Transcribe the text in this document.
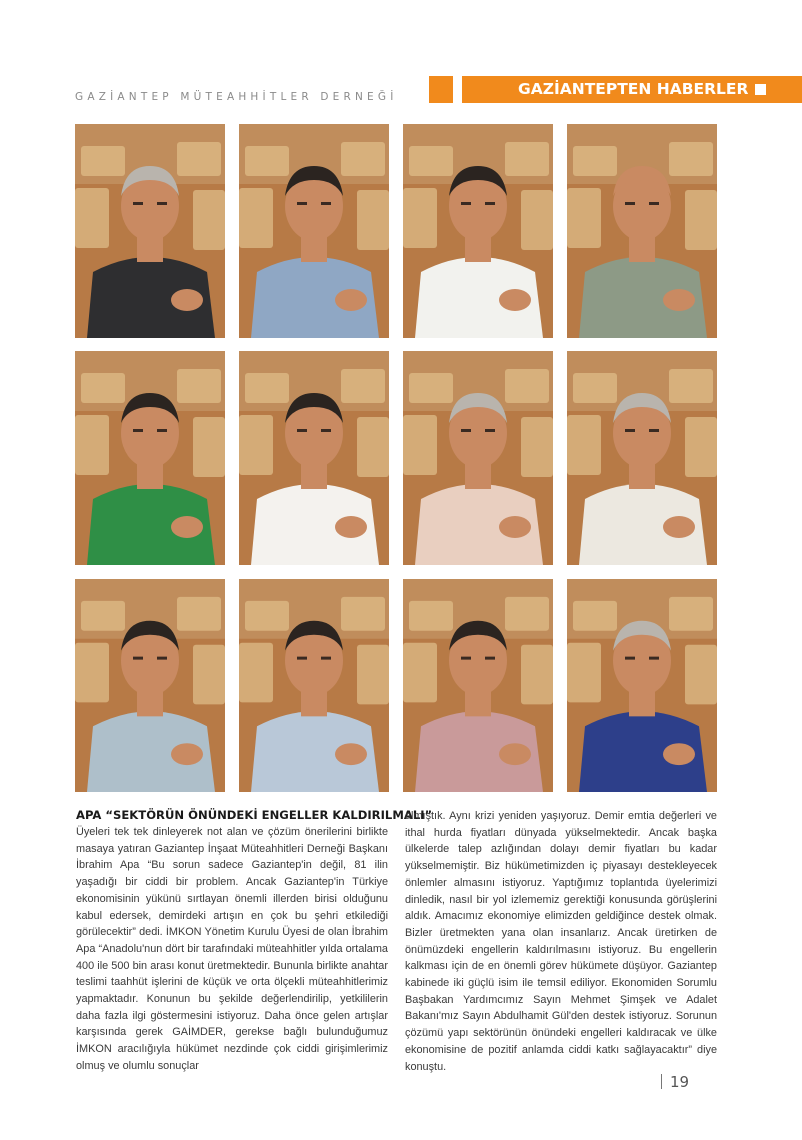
GAZİANTEP MÜTEAHHİTLER DERNEĞİ	GAZİANTEPTEN HABERLER
APA “SEKTÖRÜN ÖNÜNDEKİ ENGELLER KALDIRILMALI”

Üyeleri tek tek dinleyerek not alan ve çözüm önerilerini birlikte masaya yatıran Gaziantep İnşaat Müteahhitleri Derneği Başkanı İbrahim Apa “Bu sorun sadece Gaziantep'in değil, 81 ilin yaşadığı bir ciddi bir problem. Ancak Gaziantep'in Türkiye ekonomisinin yükünü sırtlayan önemli illerden birisi olduğunu kabul edersek, demirdeki artışın en çok bu şehri etkilediği görülecektir” dedi. İMKON Yönetim Kurulu Üyesi de olan İbrahim Apa “Anadolu'nun dört bir tarafındaki müteahhitler yılda ortalama 400 ile 500 bin arası konut üretmektedir. Bununla birlikte anahtar teslimi taahhüt işlerini de küçük ve orta ölçekli müteahhitlerimiz yapmaktadır. Konunun bu şekilde değerlendirilip, yetkililerin daha fazla ilgi göstermesini istiyoruz. Daha önce gelen artışlar karşısında gerek GAİMDER, gerekse bağlı bulunduğumuz İMKON aracılığıyla hükümet nezdinde çok ciddi girişimlerimiz olmuş ve olumlu sonuçlar

almıştık. Aynı krizi yeniden yaşıyoruz. Demir emtia değerleri ve ithal hurda fiyatları dünyada yükselmektedir. Ancak başka ülkelerde talep azlığından dolayı demir fiyatları bu kadar yükselmemiştir. Biz hükümetimizden iç piyasayı destekleyecek önlemler almasını istiyoruz. Yaptığımız toplantıda üyelerimizi dinledik, nasıl bir yol izlememiz gerektiği konusunda görüşlerini aldık. Amacımız ekonomiye elimizden geldiğince destek olmak. Bizler üretmekten yana olan insanlarız. Ancak üretirken de önümüzdeki engellerin kaldırılmasını istiyoruz. Bu engellerin kalkması için de en önemli görev hükümete düşüyor. Gaziantep kabinede iki güçlü isim ile temsil ediliyor. Ekonomiden Sorumlu Başbakan Yardımcımız Sayın Mehmet Şimşek ve Adalet Bakanı'mız Sayın Abdulhamit Gül'den destek istiyoruz. Sorunun çözümü yapı sektörünün önündeki engelleri kaldıracak ve ülke ekonomisine de pozitif anlamda ciddi katkı sağlayacaktır” diye konuştu.

19
